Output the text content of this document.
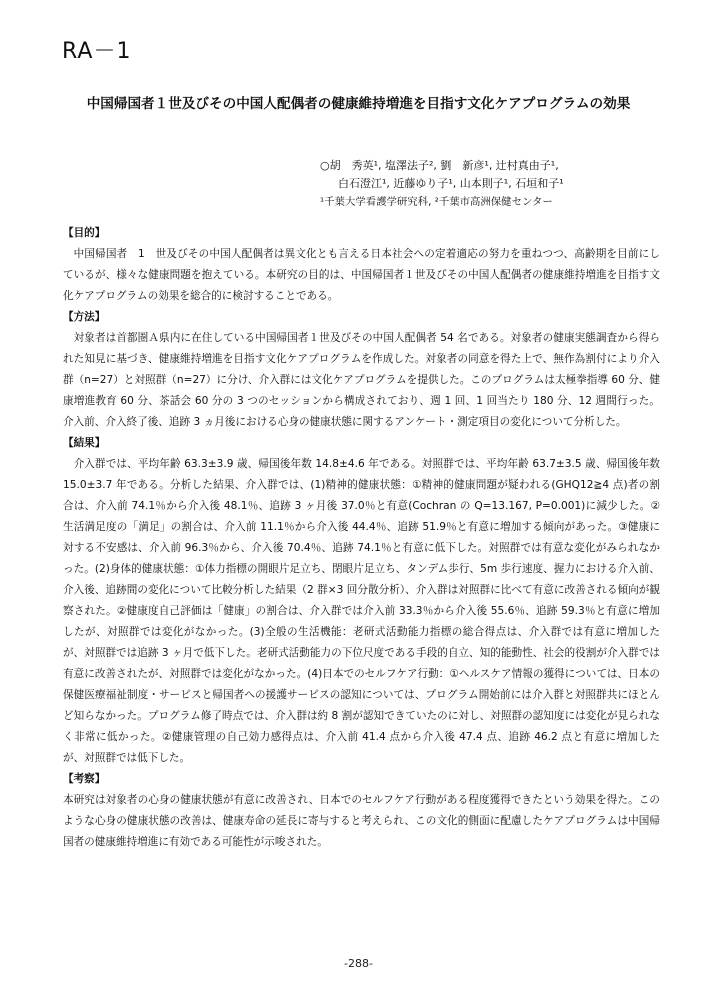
RA－1
中国帰国者１世及びその中国人配偶者の健康維持増進を目指す文化ケアプログラムの効果
○胡　秀英¹, 塩澤法子², 劉　新彦¹, 辻村真由子¹,
白石澄江¹, 近藤ゆり子¹, 山本則子¹, 石垣和子¹
¹千葉大学看護学研究科, ²千葉市高洲保健センター

【目的】

中国帰国者　1　世及びその中国人配偶者は異文化とも言える日本社会への定着適応の努力を重ねつつ、高齢期を目前にしているが、様々な健康問題を抱えている。本研究の目的は、中国帰国者１世及びその中国人配偶者の健康維持増進を目指す文化ケアプログラムの効果を総合的に検討することである。

【方法】

対象者は首都圏Ａ県内に在住している中国帰国者１世及びその中国人配偶者 54 名である。対象者の健康実態調査から得られた知見に基づき、健康維持増進を目指す文化ケアプログラムを作成した。対象者の同意を得た上で、無作為割付により介入群（n=27）と対照群（n=27）に分け、介入群には文化ケアプログラムを提供した。このプログラムは太極拳指導 60 分、健康増進教育 60 分、茶話会 60 分の 3 つのセッションから構成されており、週 1 回、1 回当たり 180 分、12 週間行った。介入前、介入終了後、追跡 3 ヵ月後における心身の健康状態に関するアンケート・測定項目の変化について分析した。

【結果】

介入群では、平均年齢 63.3±3.9 歳、帰国後年数 14.8±4.6 年である。対照群では、平均年齢 63.7±3.5 歳、帰国後年数 15.0±3.7 年である。分析した結果、介入群では、(1)精神的健康状態：①精神的健康問題が疑われる(GHQ12≧4 点)者の割合は、介入前 74.1％から介入後 48.1％、追跡 3 ヶ月後 37.0％と有意(Cochran の Q=13.167, P=0.001)に減少した。②生活満足度の「満足」の割合は、介入前 11.1％から介入後 44.4％、追跡 51.9％と有意に増加する傾向があった。③健康に対する不安感は、介入前 96.3％から、介入後 70.4％、追跡 74.1％と有意に低下した。対照群では有意な変化がみられなかった。(2)身体的健康状態：①体力指標の開眼片足立ち、閉眼片足立ち、タンデム歩行、5m 歩行速度、握力における介入前、介入後、追跡間の変化について比較分析した結果（2 群×3 回分散分析）、介入群は対照群に比べて有意に改善される傾向が観察された。②健康度自己評価は「健康」の割合は、介入群では介入前 33.3％から介入後 55.6％、追跡 59.3％と有意に増加したが、対照群では変化がなかった。(3)全般の生活機能：老研式活動能力指標の総合得点は、介入群では有意に増加したが、対照群では追跡 3 ヶ月で低下した。老研式活動能力の下位尺度である手段的自立、知的能動性、社会的役割が介入群では有意に改善されたが、対照群では変化がなかった。(4)日本でのセルフケア行動：①ヘルスケア情報の獲得については、日本の保健医療福祉制度・サービスと帰国者への援護サービスの認知については、プログラム開始前には介入群と対照群共にほとんど知らなかった。プログラム修了時点では、介入群は約 8 割が認知できていたのに対し、対照群の認知度には変化が見られなく非常に低かった。②健康管理の自己効力感得点は、介入前 41.4 点から介入後 47.4 点、追跡 46.2 点と有意に増加したが、対照群では低下した。

【考察】

本研究は対象者の心身の健康状態が有意に改善され、日本でのセルフケア行動がある程度獲得できたという効果を得た。このような心身の健康状態の改善は、健康寿命の延長に寄与すると考えられ、この文化的側面に配慮したケアプログラムは中国帰国者の健康維持増進に有効である可能性が示唆された。

-288-
